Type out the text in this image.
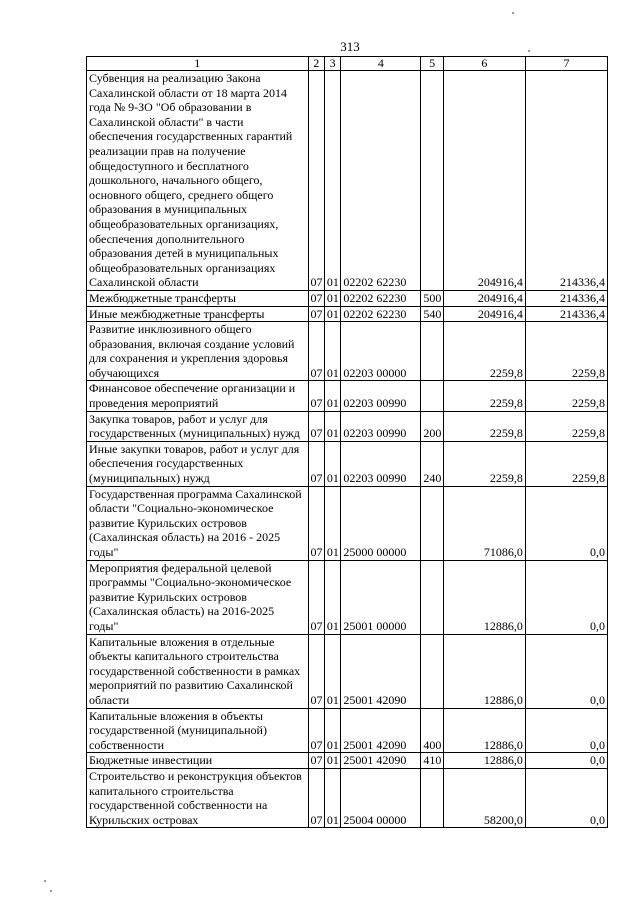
313
1	2	3	4	5	6	7
Субвенция на реализацию Закона Сахалинской области от 18 марта 2014 года № 9-ЗО "Об образовании в Сахалинской области" в части обеспечения государственных гарантий реализации прав на получение общедоступного и бесплатного дошкольного, начального общего, основного общего, среднего общего образования в муниципальных общеобразовательных организациях, обеспечения дополнительного образования детей в муниципальных общеобразовательных организациях Сахалинской области	07	01	02202 62230		204916,4	214336,4
Межбюджетные трансферты	07	01	02202 62230	500	204916,4	214336,4
Иные межбюджетные трансферты	07	01	02202 62230	540	204916,4	214336,4
Развитие инклюзивного общего образования, включая создание условий для сохранения и укрепления здоровья обучающихся	07	01	02203 00000		2259,8	2259,8
Финансовое обеспечение организации и проведения мероприятий	07	01	02203 00990		2259,8	2259,8
Закупка товаров, работ и услуг для государственных (муниципальных) нужд	07	01	02203 00990	200	2259,8	2259,8
Иные закупки товаров, работ и услуг для обеспечения государственных (муниципальных) нужд	07	01	02203 00990	240	2259,8	2259,8
Государственная программа Сахалинской области "Социально-экономическое развитие Курильских островов (Сахалинская область) на 2016 - 2025 годы"	07	01	25000 00000		71086,0	0,0
Мероприятия федеральной целевой программы "Социально-экономическое развитие Курильских островов (Сахалинская область) на 2016-2025 годы"	07	01	25001 00000		12886,0	0,0
Капитальные вложения в отдельные объекты капитального строительства государственной собственности в рамках мероприятий по развитию Сахалинской области	07	01	25001 42090		12886,0	0,0
Капитальные вложения в объекты государственной (муниципальной) собственности	07	01	25001 42090	400	12886,0	0,0
Бюджетные инвестиции	07	01	25001 42090	410	12886,0	0,0
Строительство и реконструкция объектов капитального строительства государственной собственности на Курильских островах	07	01	25004 00000		58200,0	0,0
